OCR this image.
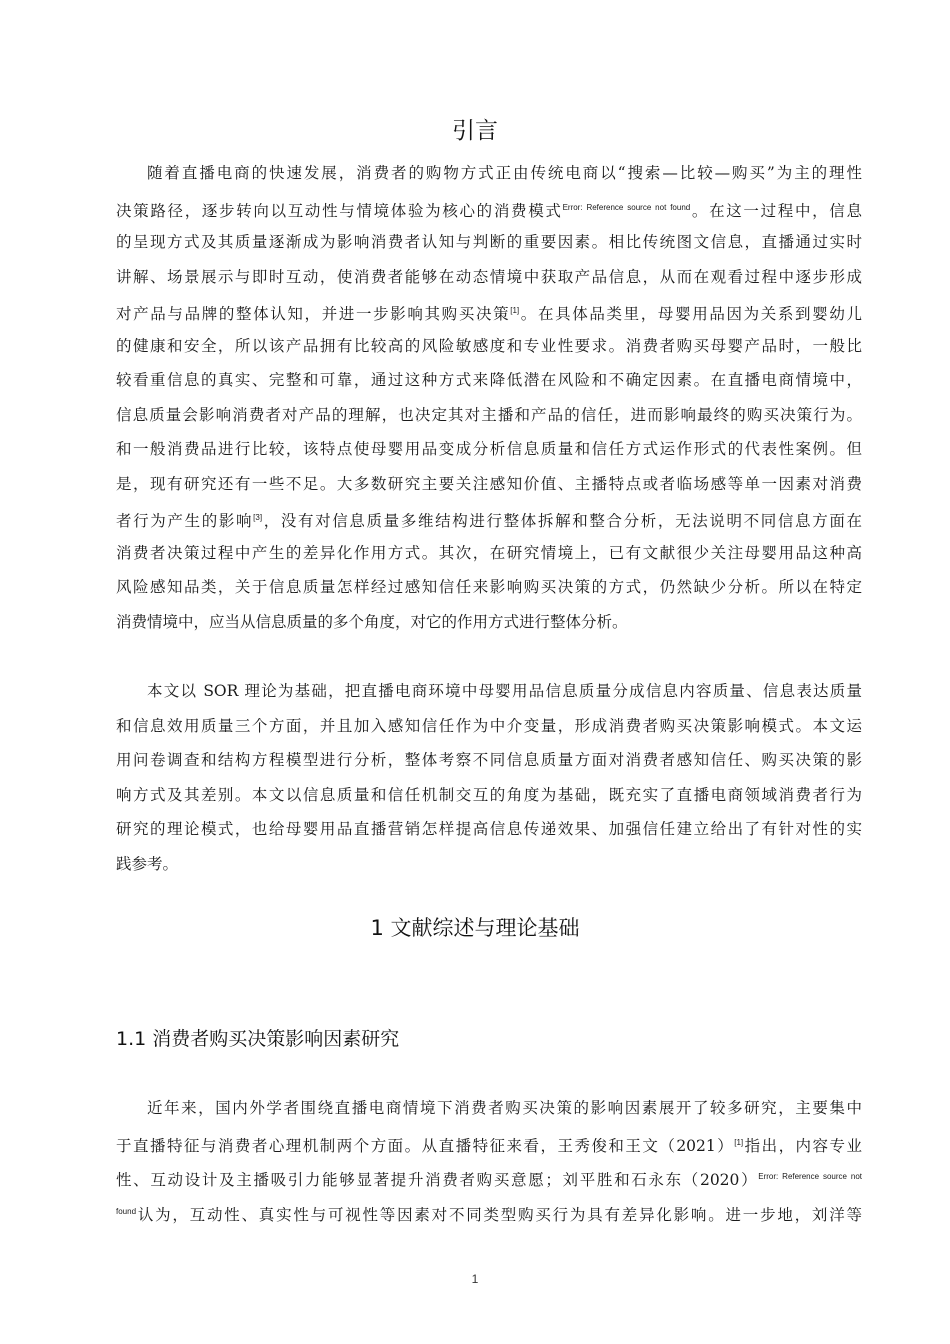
引言
随着直播电商的快速发展，消费者的购物方式正由传统电商以“搜索—比较—购买”为主的理性
决策路径，逐步转向以互动性与情境体验为核心的消费模式$^{Error: Reference source not found}$。在这一过程中，信息
的呈现方式及其质量逐渐成为影响消费者认知与判断的重要因素。相比传统图文信息，直播通过实时
讲解、场景展示与即时互动，使消费者能够在动态情境中获取产品信息，从而在观看过程中逐步形成
对产品与品牌的整体认知，并进一步影响其购买决策[1]。在具体品类里，母婴用品因为关系到婴幼儿
的健康和安全，所以该产品拥有比较高的风险敏感度和专业性要求。消费者购买母婴产品时，一般比
较看重信息的真实、完整和可靠，通过这种方式来降低潜在风险和不确定因素。在直播电商情境中，
信息质量会影响消费者对产品的理解，也决定其对主播和产品的信任，进而影响最终的购买决策行为。
和一般消费品进行比较，该特点使母婴用品变成分析信息质量和信任方式运作形式的代表性案例。但
是，现有研究还有一些不足。大多数研究主要关注感知价值、主播特点或者临场感等单一因素对消费
者行为产生的影响[3]，没有对信息质量多维结构进行整体拆解和整合分析，无法说明不同信息方面在
消费者决策过程中产生的差异化作用方式。其次，在研究情境上，已有文献很少关注母婴用品这种高
风险感知品类，关于信息质量怎样经过感知信任来影响购买决策的方式，仍然缺少分析。所以在特定
消费情境中，应当从信息质量的多个角度，对它的作用方式进行整体分析。
本文以 SOR 理论为基础，把直播电商环境中母婴用品信息质量分成信息内容质量、信息表达质量
和信息效用质量三个方面，并且加入感知信任作为中介变量，形成消费者购买决策影响模式。本文运
用问卷调查和结构方程模型进行分析，整体考察不同信息质量方面对消费者感知信任、购买决策的影
响方式及其差别。本文以信息质量和信任机制交互的角度为基础，既充实了直播电商领域消费者行为
研究的理论模式，也给母婴用品直播营销怎样提高信息传递效果、加强信任建立给出了有针对性的实
践参考。
1 文献综述与理论基础
1.1 消费者购买决策影响因素研究
近年来，国内外学者围绕直播电商情境下消费者购买决策的影响因素展开了较多研究，主要集中
于直播特征与消费者心理机制两个方面。从直播特征来看，王秀俊和王文（2021）[1]指出，内容专业
性、互动设计及主播吸引力能够显著提升消费者购买意愿；刘平胜和石永东$(2020)^{Error: Reference source not}$
$^{found}$认为，互动性、真实性与可视性等因素对不同类型购买行为具有差异化影响。进一步地，刘洋等
1
